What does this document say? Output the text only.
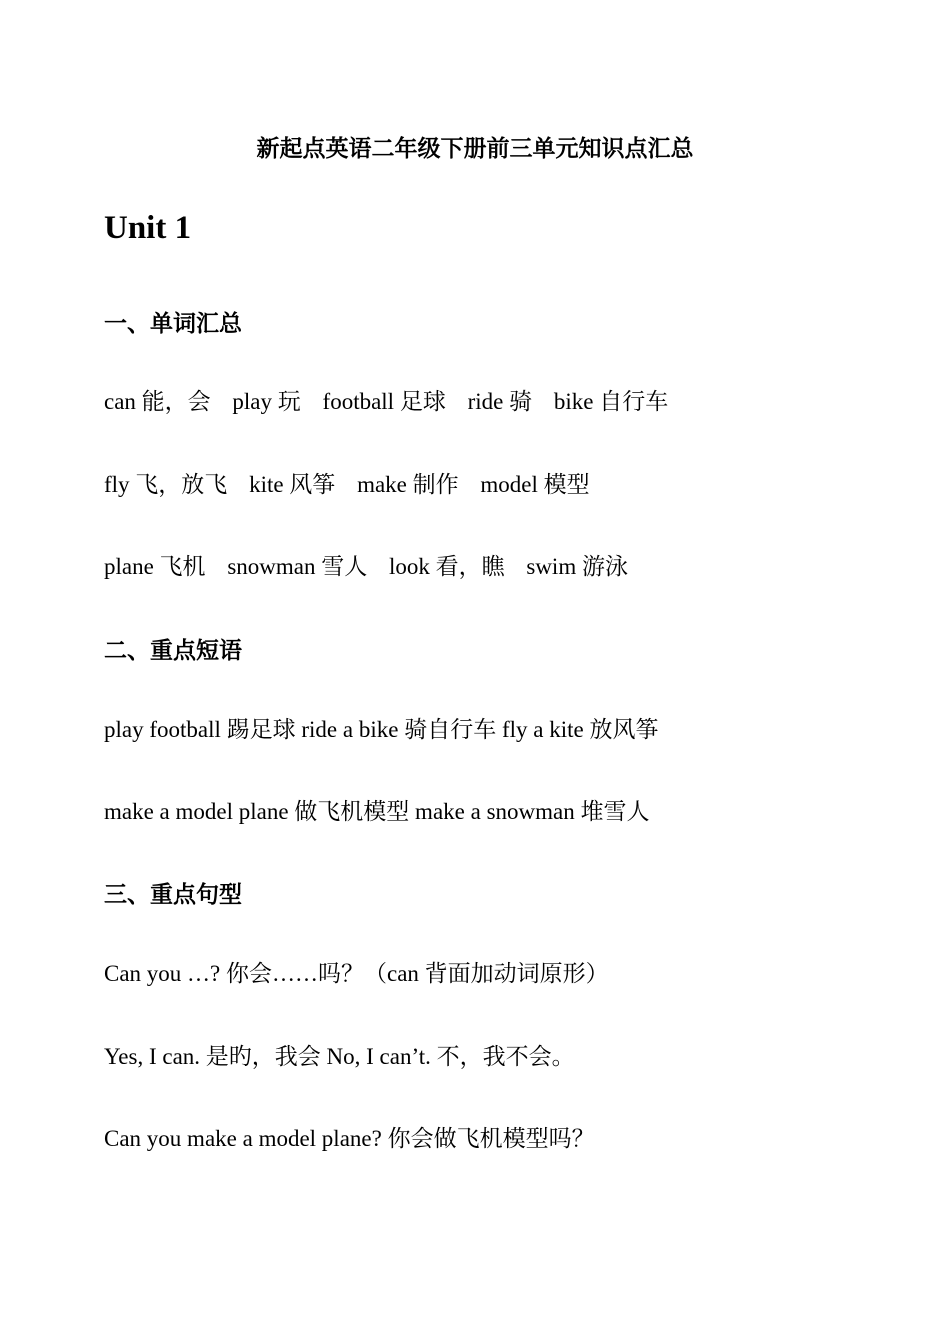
新起点英语二年级下册前三单元知识点汇总
Unit 1
一、单词汇总
can 能，会 play 玩 football 足球 ride 骑 bike 自行车
fly 飞，放飞 kite 风筝 make 制作 model 模型
plane 飞机 snowman 雪人 look 看，瞧 swim 游泳
二、重点短语
play football 踢足球 ride a bike 骑自行车 fly a kite 放风筝
make a model plane 做飞机模型 make a snowman 堆雪人
三、重点句型
Can you …? 你会……吗？（can 背面加动词原形）
Yes, I can. 是旳，我会 No, I can’t. 不，我不会。
Can you make a model plane? 你会做飞机模型吗？
